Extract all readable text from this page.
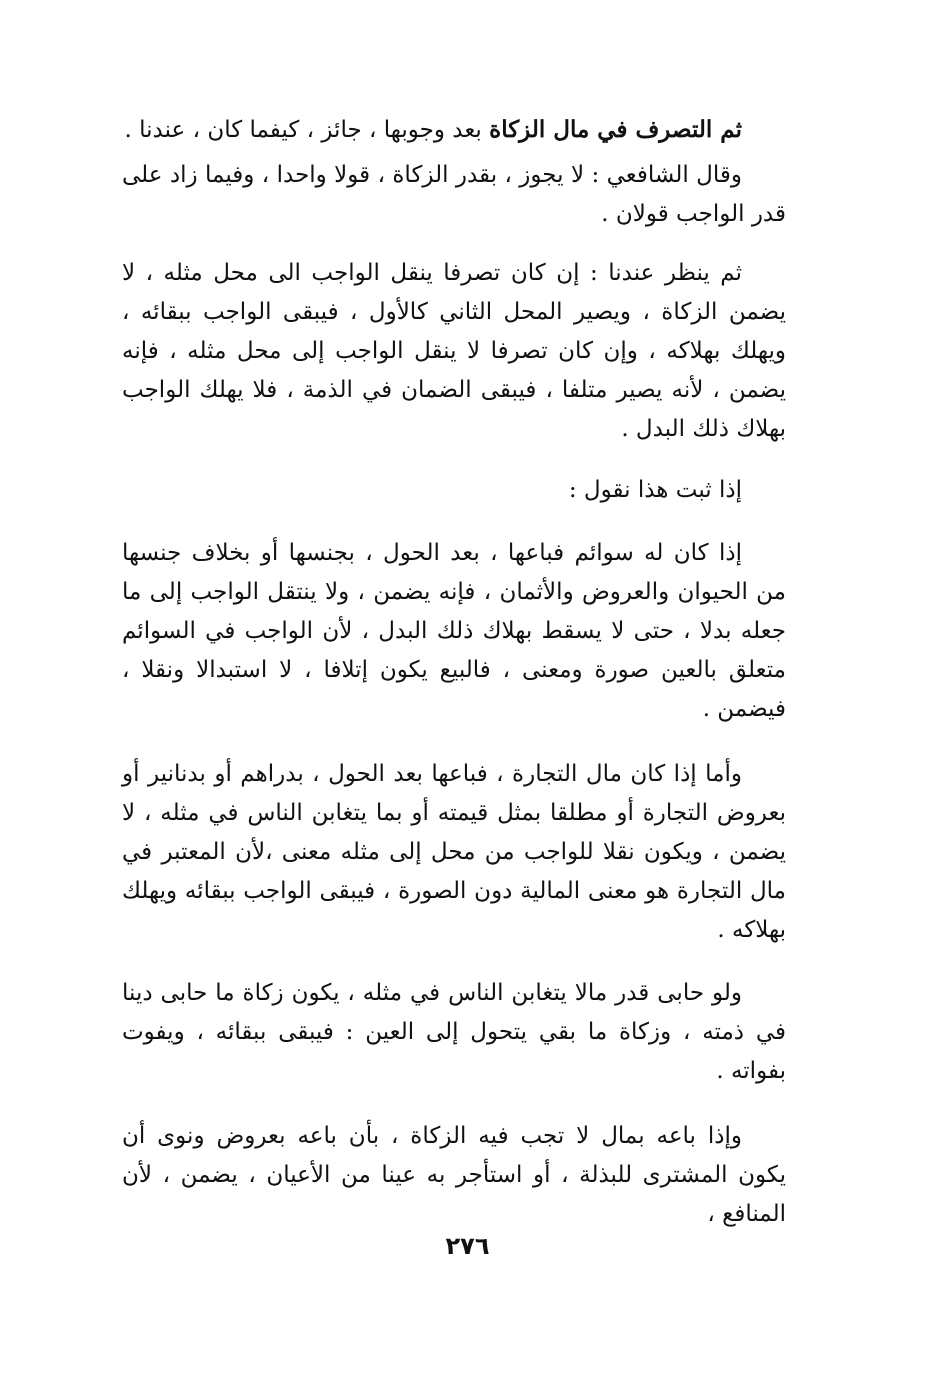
ثم التصرف في مال الزكاة بعد وجوبها ، جائز ، كيفما كان ، عندنا .

وقال الشافعي : لا يجوز ، بقدر الزكاة ، قولا واحدا ، وفيما زاد على قدر الواجب قولان .

ثم ينظر عندنا : إن كان تصرفا ينقل الواجب الى محل مثله ، لا يضمن الزكاة ، ويصير المحل الثاني كالأول ، فيبقى الواجب ببقائه ، ويهلك بهلاكه ، وإن كان تصرفا لا ينقل الواجب إلى محل مثله ، فإنه يضمن ، لأنه يصير متلفا ، فيبقى الضمان في الذمة ، فلا يهلك الواجب بهلاك ذلك البدل .

إذا ثبت هذا نقول :

إذا كان له سوائم فباعها ، بعد الحول ، بجنسها أو بخلاف جنسها من الحيوان والعروض والأثمان ، فإنه يضمن ، ولا ينتقل الواجب إلى ما جعله بدلا ، حتى لا يسقط بهلاك ذلك البدل ، لأن الواجب في السوائم متعلق بالعين صورة ومعنى ، فالبيع يكون إتلافا ، لا استبدالا ونقلا ، فيضمن .

وأما إذا كان مال التجارة ، فباعها بعد الحول ، بدراهم أو بدنانير أو بعروض التجارة أو مطلقا بمثل قيمته أو بما يتغابن الناس في مثله ، لا يضمن ، ويكون نقلا للواجب من محل إلى مثله معنى ،لأن المعتبر في مال التجارة هو معنى المالية دون الصورة ، فيبقى الواجب ببقائه ويهلك بهلاكه .

ولو حابى قدر مالا يتغابن الناس في مثله ، يكون زكاة ما حابى دينا في ذمته ، وزكاة ما بقي يتحول إلى العين : فيبقى ببقائه ، ويفوت بفواته .

وإذا باعه بمال لا تجب فيه الزكاة ، بأن باعه بعروض ونوى أن يكون المشترى للبذلة ، أو استأجر به عينا من الأعيان ، يضمن ، لأن المنافع ،

٢٧٦
